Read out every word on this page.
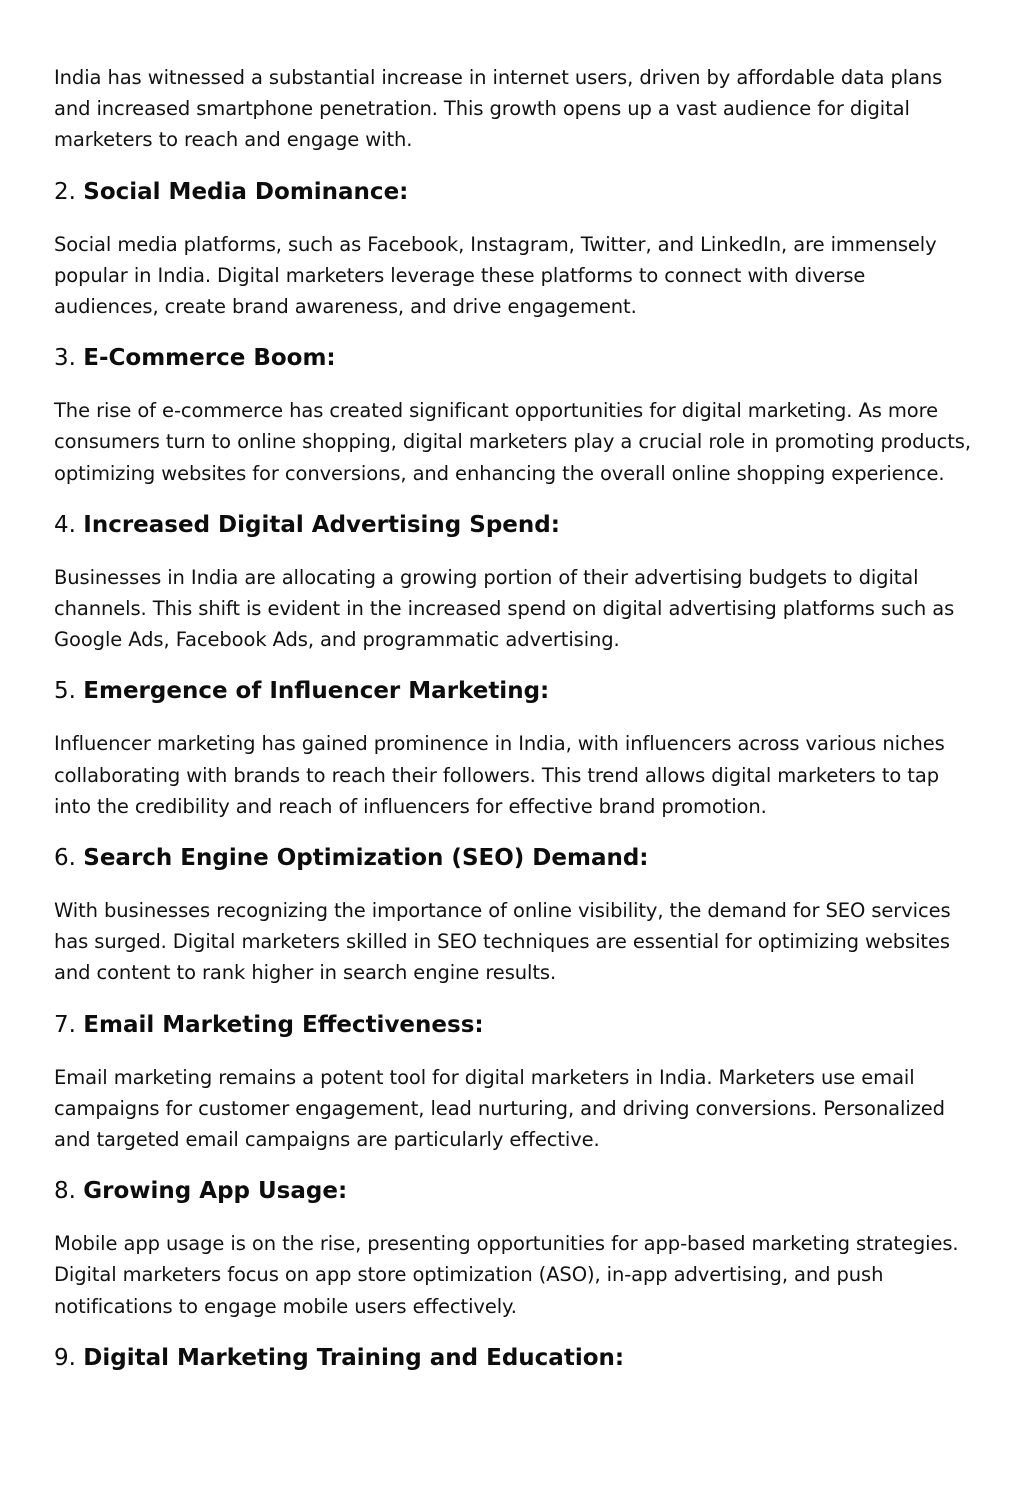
India has witnessed a substantial increase in internet users, driven by affordable data plans and increased smartphone penetration. This growth opens up a vast audience for digital marketers to reach and engage with.

2. Social Media Dominance:

Social media platforms, such as Facebook, Instagram, Twitter, and LinkedIn, are immensely popular in India. Digital marketers leverage these platforms to connect with diverse audiences, create brand awareness, and drive engagement.

3. E-Commerce Boom:

The rise of e-commerce has created significant opportunities for digital marketing. As more consumers turn to online shopping, digital marketers play a crucial role in promoting products, optimizing websites for conversions, and enhancing the overall online shopping experience.

4. Increased Digital Advertising Spend:

Businesses in India are allocating a growing portion of their advertising budgets to digital channels. This shift is evident in the increased spend on digital advertising platforms such as Google Ads, Facebook Ads, and programmatic advertising.

5. Emergence of Influencer Marketing:

Influencer marketing has gained prominence in India, with influencers across various niches collaborating with brands to reach their followers. This trend allows digital marketers to tap into the credibility and reach of influencers for effective brand promotion.

6. Search Engine Optimization (SEO) Demand:

With businesses recognizing the importance of online visibility, the demand for SEO services has surged. Digital marketers skilled in SEO techniques are essential for optimizing websites and content to rank higher in search engine results.

7. Email Marketing Effectiveness:

Email marketing remains a potent tool for digital marketers in India. Marketers use email campaigns for customer engagement, lead nurturing, and driving conversions. Personalized and targeted email campaigns are particularly effective.

8. Growing App Usage:

Mobile app usage is on the rise, presenting opportunities for app-based marketing strategies. Digital marketers focus on app store optimization (ASO), in-app advertising, and push notifications to engage mobile users effectively.

9. Digital Marketing Training and Education:
